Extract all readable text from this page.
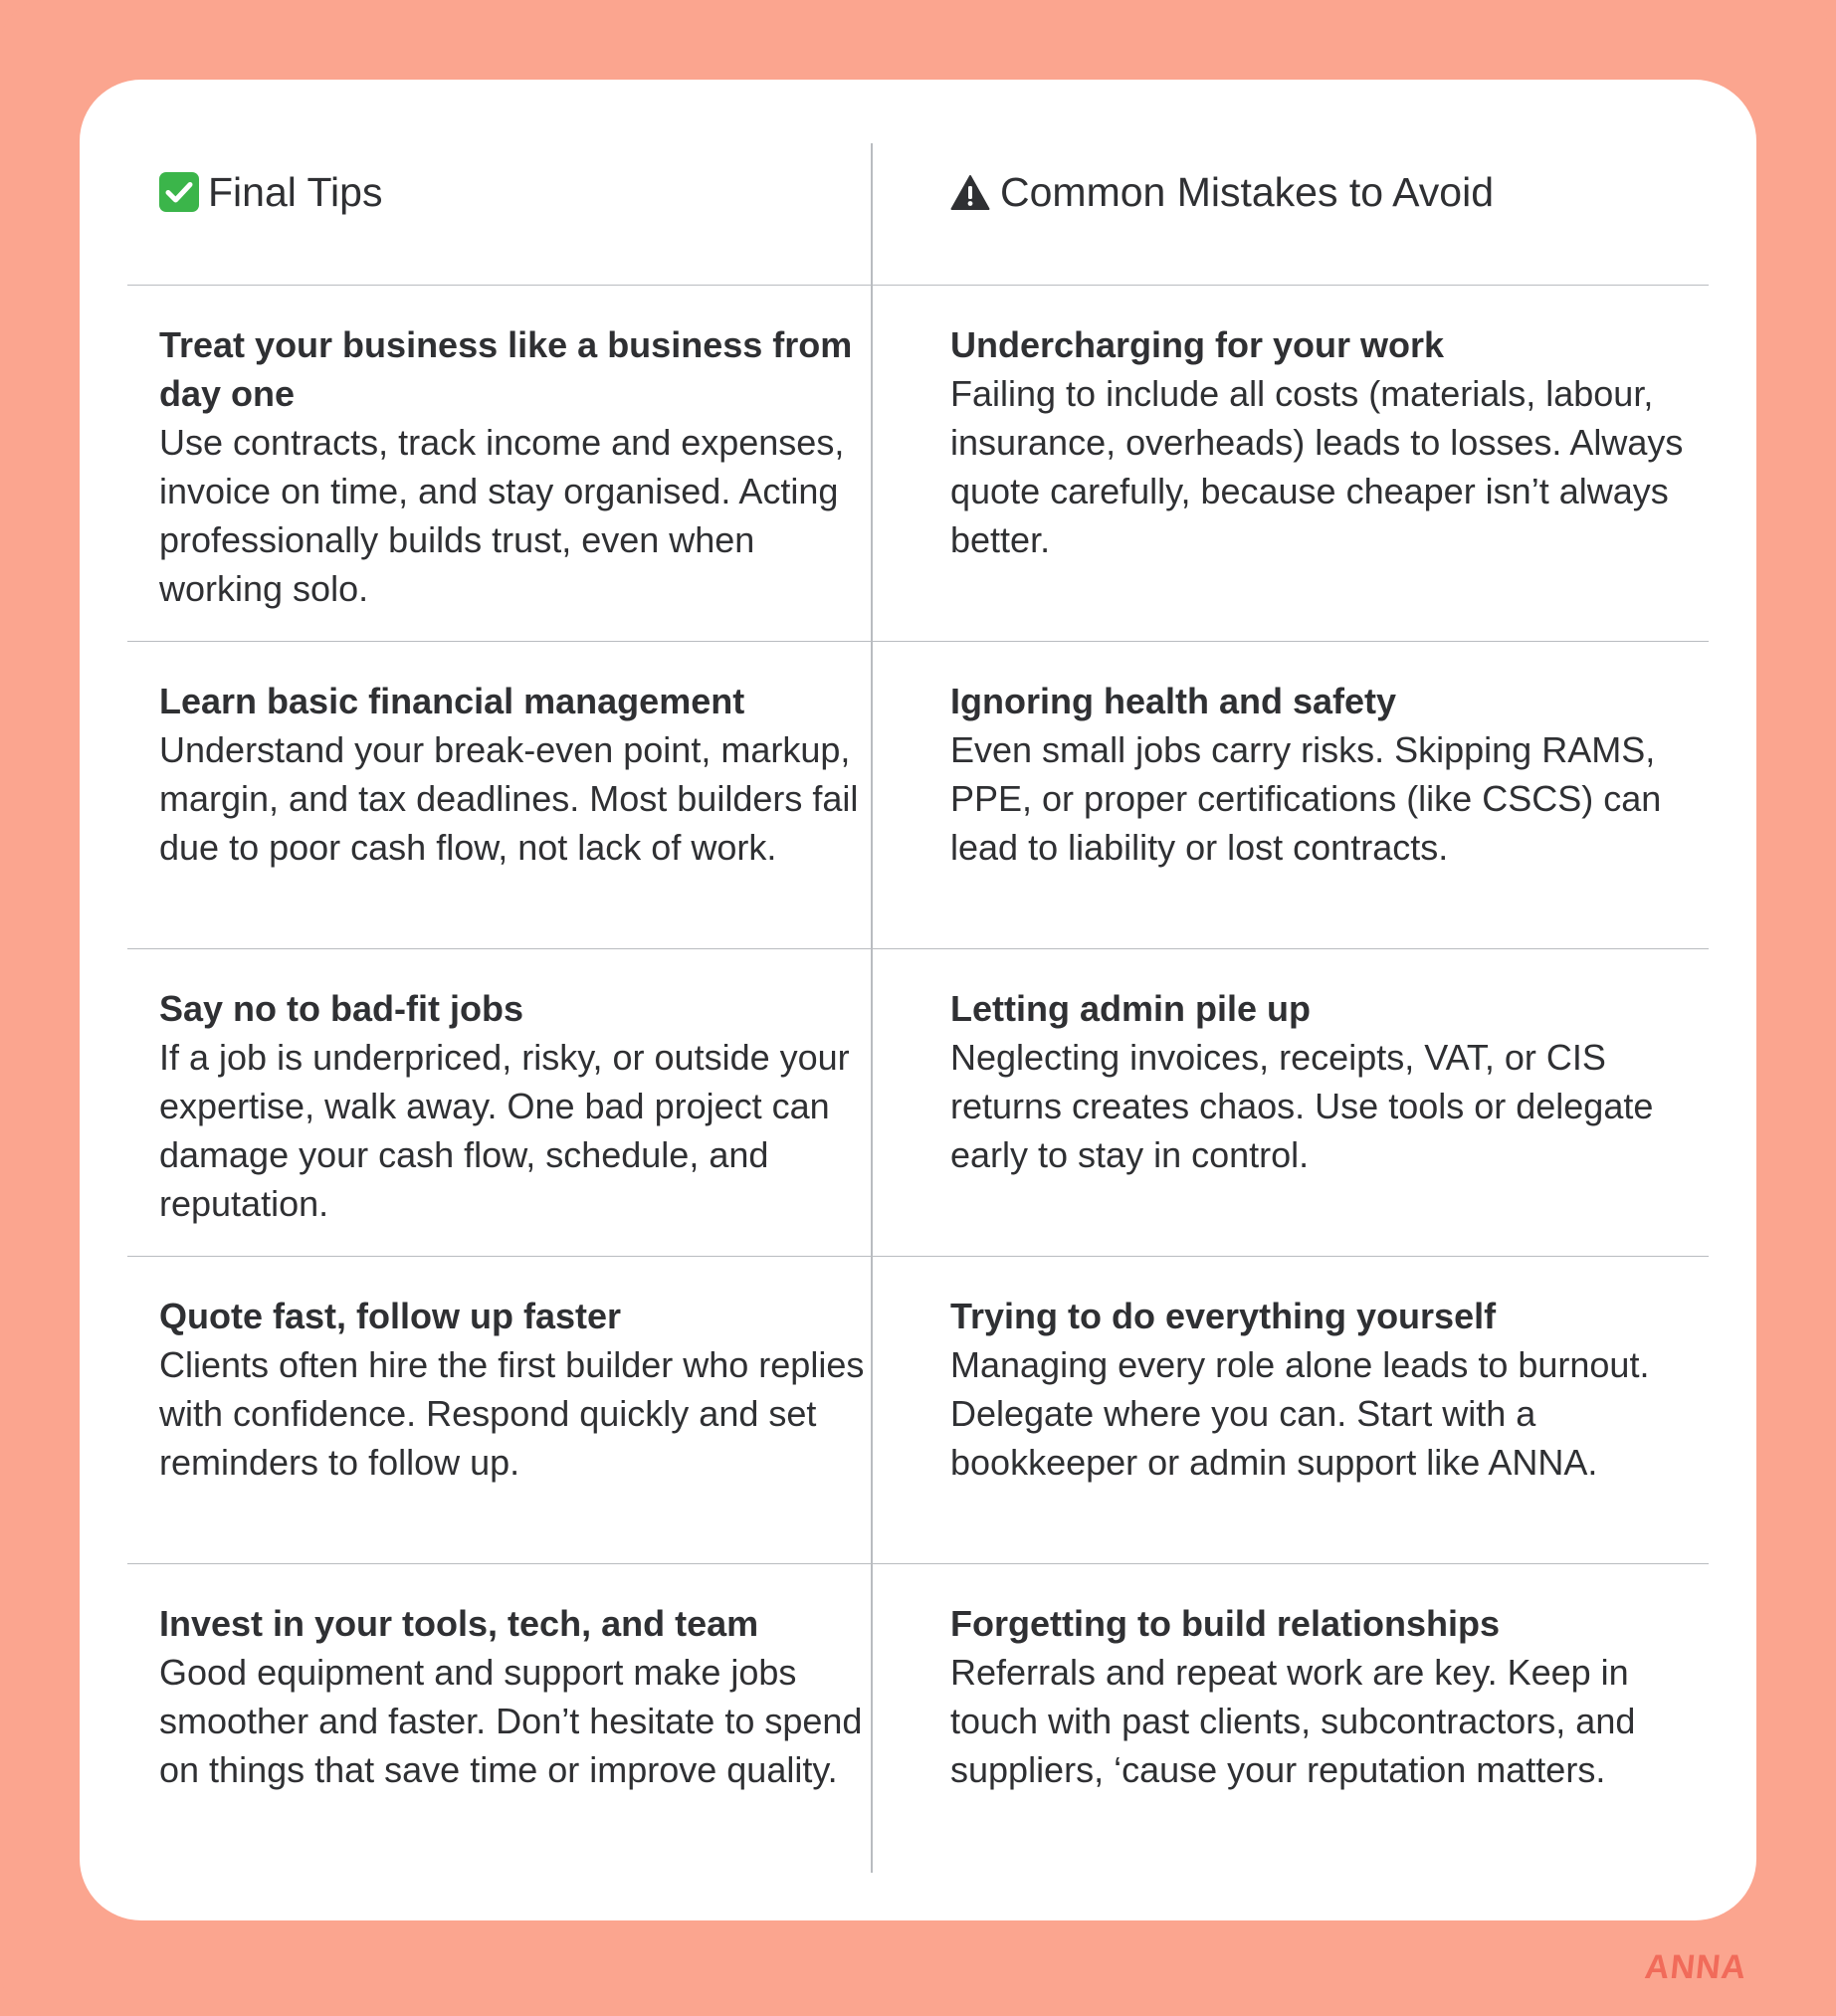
Final Tips	Common Mistakes to Avoid
Treat your business like a business from day one
Use contracts, track income and expenses, invoice on time, and stay organised. Acting professionally builds trust, even when working solo.
Undercharging for your work
Failing to include all costs (materials, labour, insurance, overheads) leads to losses. Always quote carefully, because cheaper isn’t always better.
Learn basic financial management
Understand your break-even point, markup, margin, and tax deadlines. Most builders fail due to poor cash flow, not lack of work.
Ignoring health and safety
Even small jobs carry risks. Skipping RAMS, PPE, or proper certifications (like CSCS) can lead to liability or lost contracts.
Say no to bad-fit jobs
If a job is underpriced, risky, or outside your expertise, walk away. One bad project can damage your cash flow, schedule, and reputation.
Letting admin pile up
Neglecting invoices, receipts, VAT, or CIS returns creates chaos. Use tools or delegate early to stay in control.
Quote fast, follow up faster
Clients often hire the first builder who replies with confidence. Respond quickly and set reminders to follow up.
Trying to do everything yourself
Managing every role alone leads to burnout. Delegate where you can. Start with a bookkeeper or admin support like ANNA.
Invest in your tools, tech, and team
Good equipment and support make jobs smoother and faster. Don’t hesitate to spend on things that save time or improve quality.
Forgetting to build relationships
Referrals and repeat work are key. Keep in touch with past clients, subcontractors, and suppliers, ‘cause your reputation matters.
ANNA
